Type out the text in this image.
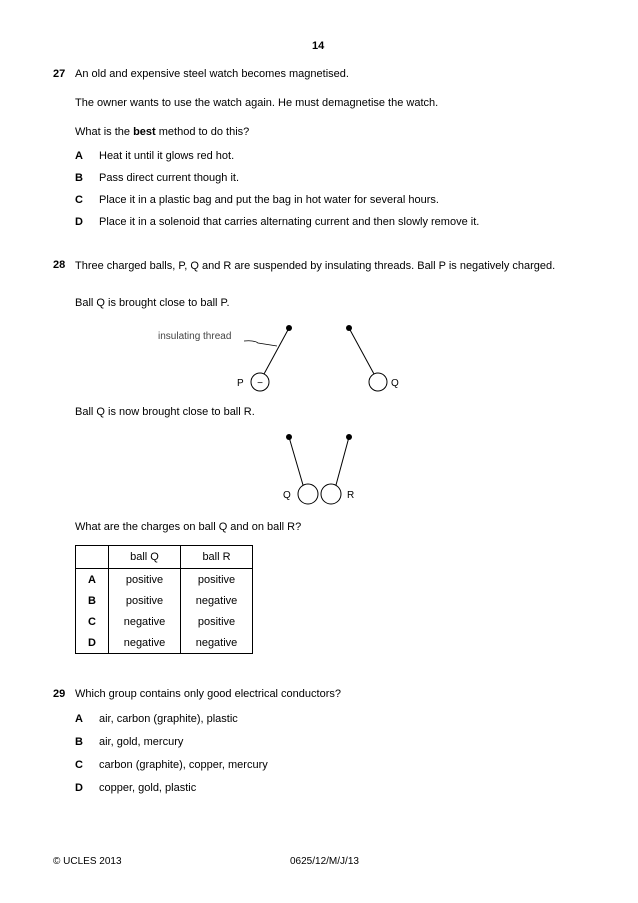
14
27 An old and expensive steel watch becomes magnetised.
The owner wants to use the watch again. He must demagnetise the watch.
What is the best method to do this?
A Heat it until it glows red hot.
B Pass direct current though it.
C Place it in a plastic bag and put the bag in hot water for several hours.
D Place it in a solenoid that carries alternating current and then slowly remove it.
28 Three charged balls, P, Q and R are suspended by insulating threads. Ball P is negatively charged.
Ball Q is brought close to ball P.
−
P
insulating thread
Q
Q	R
Ball Q is now brought close to ball R.
What are the charges on ball Q and on ball R?
	ball Q	ball R
A	positive	positive
B	positive	negative
C	negative	positive
D	negative	negative
29 Which group contains only good electrical conductors?
A air, carbon (graphite), plastic
B air, gold, mercury
C carbon (graphite), copper, mercury
D copper, gold, plastic
© UCLES 2013	0625/12/M/J/13
